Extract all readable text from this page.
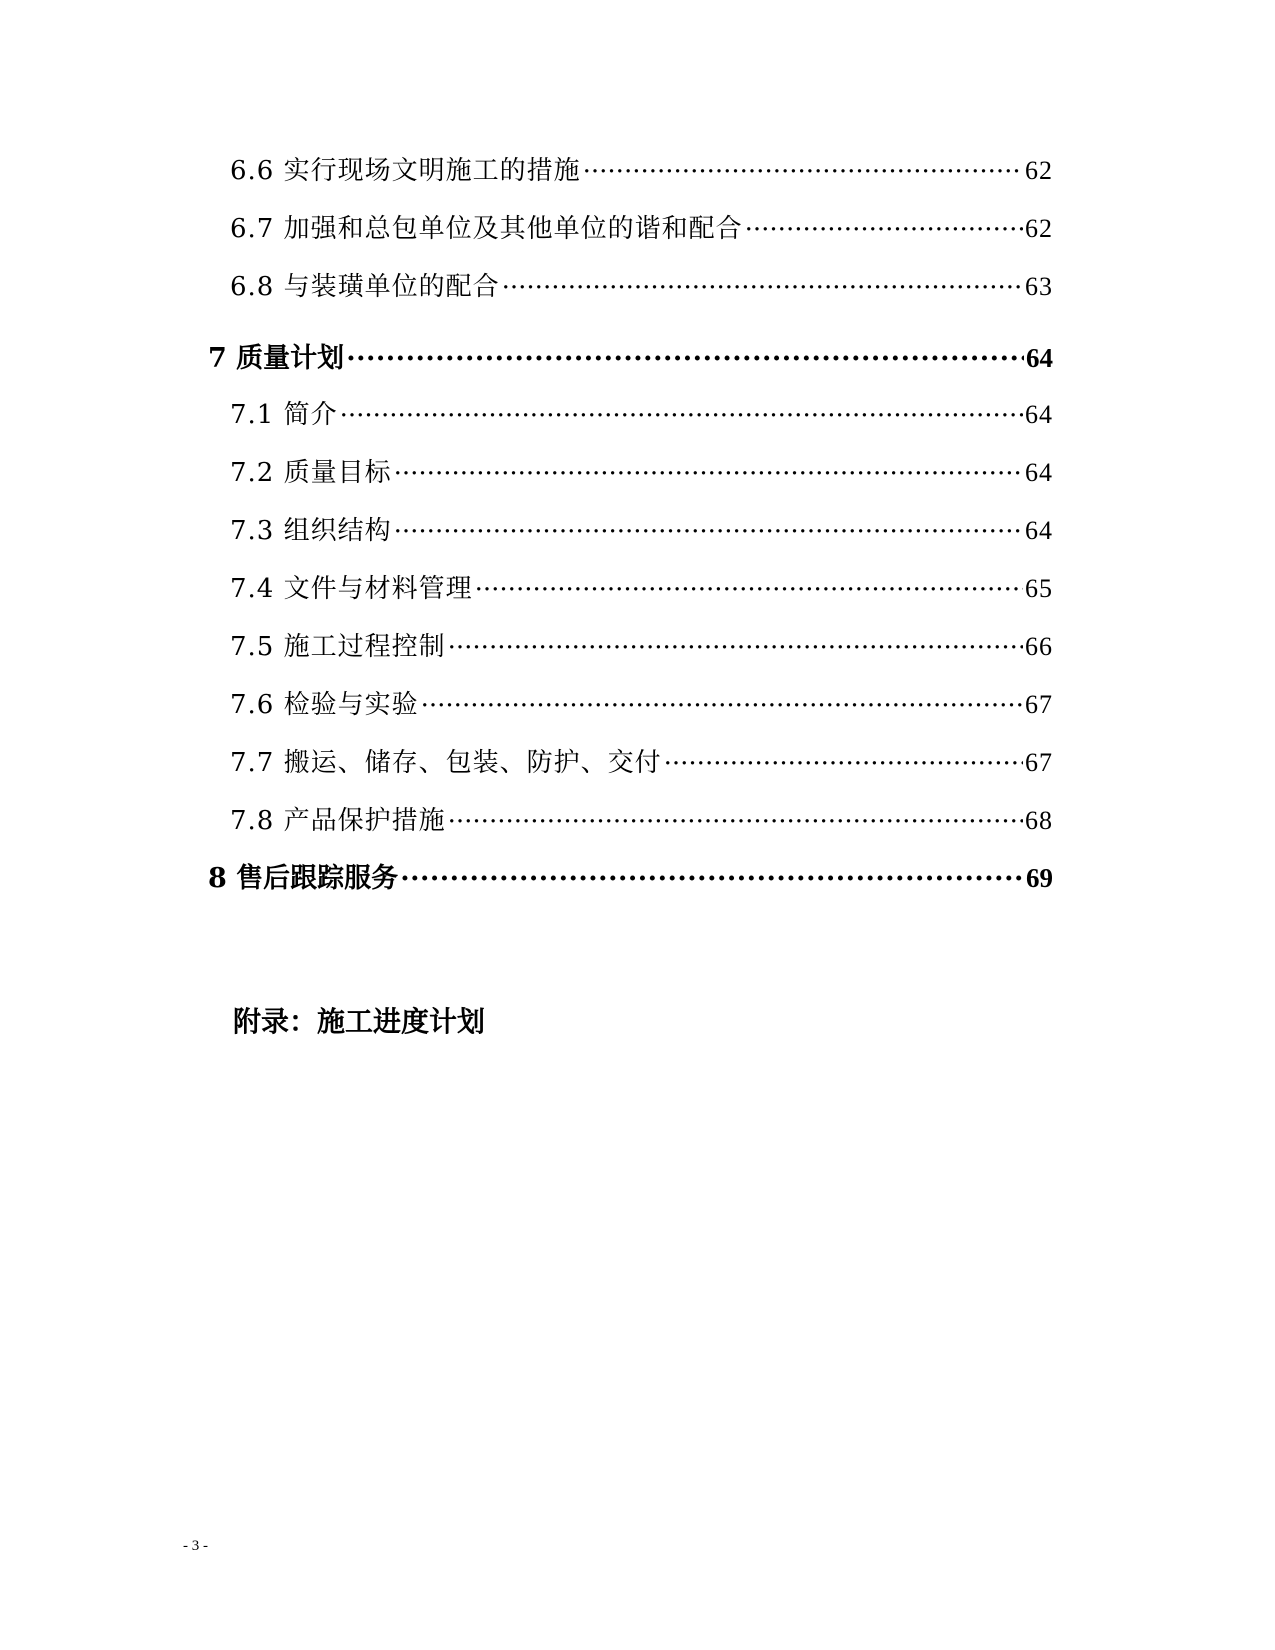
6.6 实行现场文明施工的措施 .....	62
6.7 加强和总包单位及其他单位的谐和配合 .....	62
6.8 与装璜单位的配合 .....	63
7 质量计划 .....	64
7.1 简介 .....	64
7.2 质量目标 .....	64
7.3 组织结构 .....	64
7.4 文件与材料管理 .....	65
7.5 施工过程控制 .....	66
7.6 检验与实验 .....	67
7.7 搬运、储存、包装、防护、交付 .....	67
7.8 产品保护措施 .....	68
8 售后跟踪服务 .....	69
附录：施工进度计划
- 3 -
